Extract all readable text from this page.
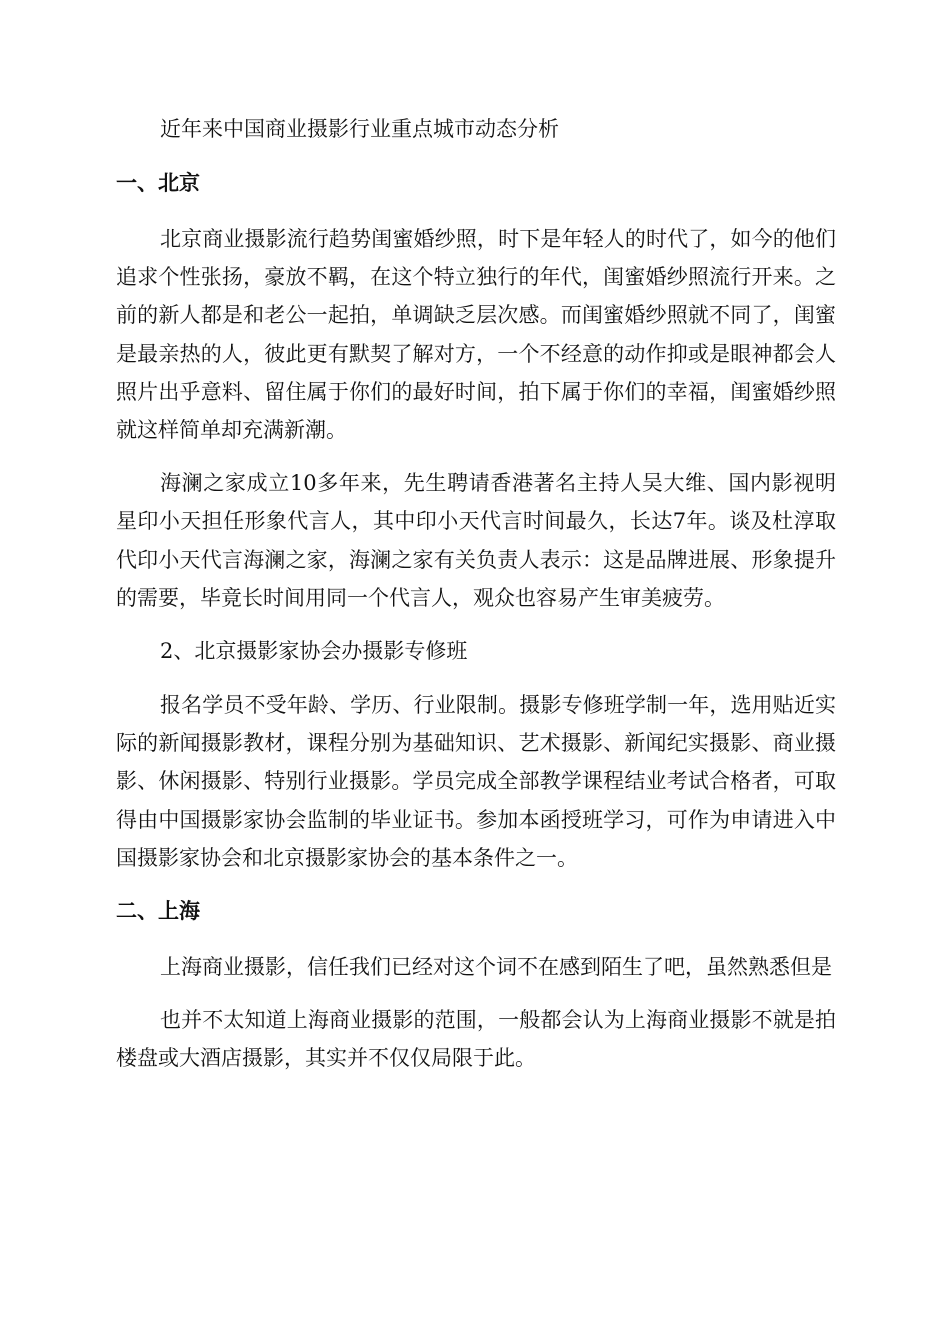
近年来中国商业摄影行业重点城市动态分析

一、北京

北京商业摄影流行趋势闺蜜婚纱照，时下是年轻人的时代了，如今的他们追求个性张扬，豪放不羁，在这个特立独行的年代，闺蜜婚纱照流行开来。之前的新人都是和老公一起拍，单调缺乏层次感。而闺蜜婚纱照就不同了，闺蜜是最亲热的人，彼此更有默契了解对方，一个不经意的动作抑或是眼神都会人照片出乎意料、留住属于你们的最好时间，拍下属于你们的幸福，闺蜜婚纱照就这样简单却充满新潮。

海澜之家成立10多年来，先生聘请香港著名主持人吴大维、国内影视明星印小天担任形象代言人，其中印小天代言时间最久，长达7年。谈及杜淳取代印小天代言海澜之家，海澜之家有关负责人表示：这是品牌进展、形象提升的需要，毕竟长时间用同一个代言人，观众也容易产生审美疲劳。

2、北京摄影家协会办摄影专修班

报名学员不受年龄、学历、行业限制。摄影专修班学制一年，选用贴近实际的新闻摄影教材，课程分别为基础知识、艺术摄影、新闻纪实摄影、商业摄影、休闲摄影、特别行业摄影。学员完成全部教学课程结业考试合格者，可取得由中国摄影家协会监制的毕业证书。参加本函授班学习，可作为申请进入中国摄影家协会和北京摄影家协会的基本条件之一。

二、上海

上海商业摄影，信任我们已经对这个词不在感到陌生了吧，虽然熟悉但是

也并不太知道上海商业摄影的范围，一般都会认为上海商业摄影不就是拍楼盘或大酒店摄影，其实并不仅仅局限于此。
